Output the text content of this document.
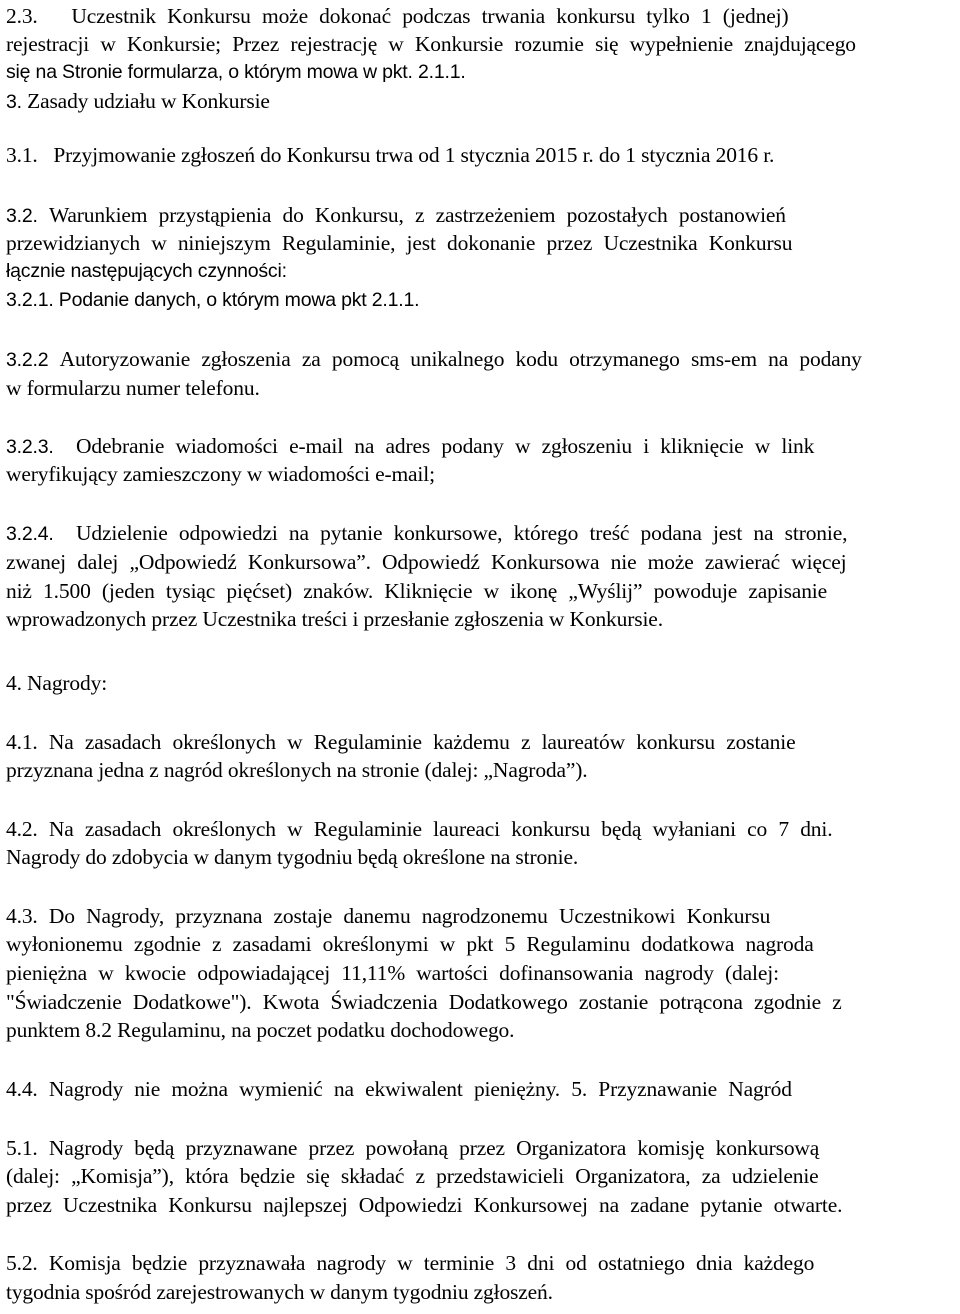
2.3.   Uczestnik Konkursu może dokonać podczas trwania konkursu tylko 1 (jednej)
rejestracji w Konkursie; Przez rejestrację w Konkursie rozumie się wypełnienie znajdującego
się na Stronie formularza, o którym mowa w pkt. 2.1.1.
3. Zasady udziału w Konkursie
3.1.   Przyjmowanie zgłoszeń do Konkursu trwa od 1 stycznia 2015 r. do 1 stycznia 2016 r.
3.2. Warunkiem przystąpienia do Konkursu, z zastrzeżeniem pozostałych postanowień
przewidzianych w niniejszym Regulaminie, jest dokonanie przez Uczestnika Konkursu
łącznie następujących czynności:
3.2.1. Podanie danych, o którym mowa pkt 2.1.1.
3.2.2 Autoryzowanie zgłoszenia za pomocą unikalnego kodu otrzymanego sms-em na podany
w formularzu numer telefonu.
3.2.3.  Odebranie wiadomości e-mail na adres podany w zgłoszeniu i kliknięcie w link
weryfikujący zamieszczony w wiadomości e-mail;
3.2.4.  Udzielenie odpowiedzi na pytanie konkursowe, którego treść podana jest na stronie,
zwanej dalej „Odpowiedź Konkursowa”. Odpowiedź Konkursowa nie może zawierać więcej
niż 1.500 (jeden tysiąc pięćset) znaków. Kliknięcie w ikonę „Wyślij” powoduje zapisanie
wprowadzonych przez Uczestnika treści i przesłanie zgłoszenia w Konkursie.
4. Nagrody:
4.1. Na zasadach określonych w Regulaminie każdemu z laureatów konkursu zostanie
przyznana jedna z nagród określonych na stronie (dalej: „Nagroda”).
4.2. Na zasadach określonych w Regulaminie laureaci konkursu będą wyłaniani co 7 dni.
Nagrody do zdobycia w danym tygodniu będą określone na stronie.
4.3. Do Nagrody, przyznana zostaje danemu nagrodzonemu Uczestnikowi Konkursu
wyłonionemu zgodnie z zasadami określonymi w pkt 5 Regulaminu dodatkowa nagroda
pieniężna w kwocie odpowiadającej 11,11% wartości dofinansowania nagrody (dalej:
"Świadczenie Dodatkowe"). Kwota Świadczenia Dodatkowego zostanie potrącona zgodnie z
punktem 8.2 Regulaminu, na poczet podatku dochodowego.
4.4. Nagrody nie można wymienić na ekwiwalent pieniężny. 5. Przyznawanie Nagród
5.1. Nagrody będą przyznawane przez powołaną przez Organizatora komisję konkursową
(dalej: „Komisja”), która będzie się składać z przedstawicieli Organizatora, za udzielenie
przez Uczestnika Konkursu najlepszej Odpowiedzi Konkursowej na zadane pytanie otwarte.
5.2. Komisja będzie przyznawała nagrody w terminie 3 dni od ostatniego dnia każdego
tygodnia spośród zarejestrowanych w danym tygodniu zgłoszeń.
